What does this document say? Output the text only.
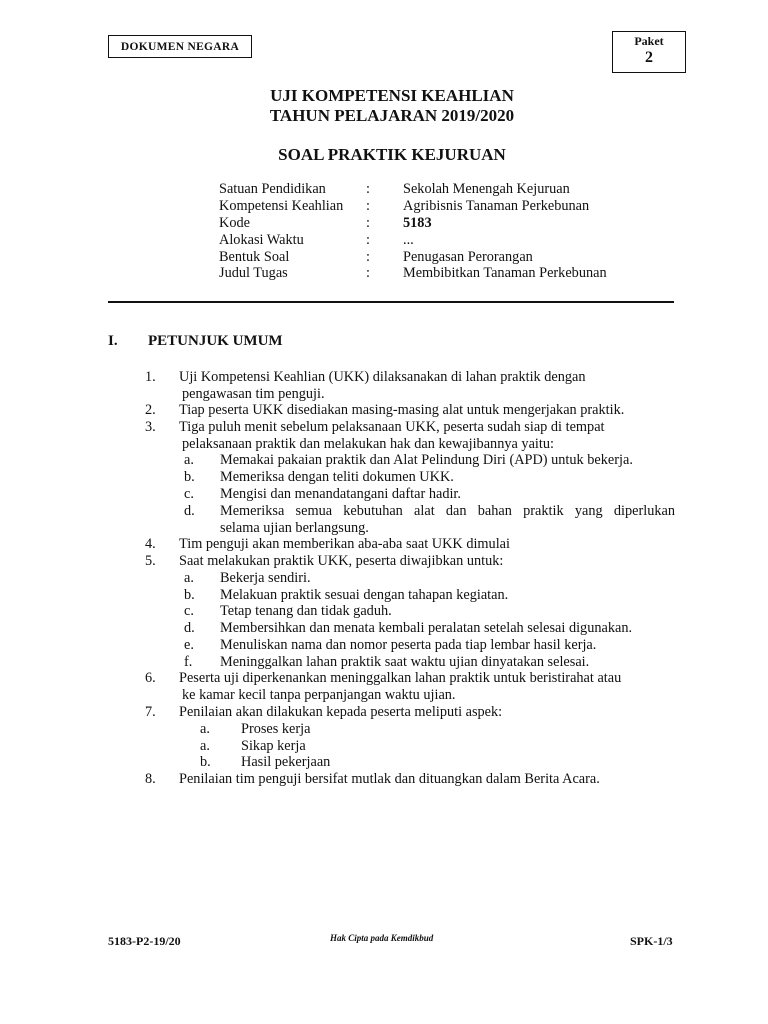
DOKUMEN NEGARA	Paket
2
UJI KOMPETENSI KEAHLIAN
TAHUN PELAJARAN 2019/2020
SOAL PRAKTIK KEJURUAN
Satuan Pendidikan	: Sekolah Menengah Kejuruan
Kompetensi Keahlian : Agribisnis Tanaman Perkebunan
Kode	: 5183
Alokasi Waktu	: ...
Bentuk Soal	: Penugasan Perorangan
Judul Tugas	: Membibitkan Tanaman Perkebunan
I. PETUNJUK UMUM
1. Uji Kompetensi Keahlian (UKK) dilaksanakan di lahan praktik dengan
pengawasan tim penguji.
2. Tiap peserta UKK disediakan masing-masing alat untuk mengerjakan praktik.
3. Tiga puluh menit sebelum pelaksanaan UKK, peserta sudah siap di tempat
pelaksanaan praktik dan melakukan hak dan kewajibannya yaitu:
a. Memakai pakaian praktik dan Alat Pelindung Diri (APD) untuk bekerja.
b. Memeriksa dengan teliti dokumen UKK.
c. Mengisi dan menandatangani daftar hadir.
d. Memeriksa semua kebutuhan alat dan bahan praktik yang diperlukan
selama ujian berlangsung.
4. Tim penguji akan memberikan aba-aba saat UKK dimulai
5. Saat melakukan praktik UKK, peserta diwajibkan untuk:
a. Bekerja sendiri.
b. Melakuan praktik sesuai dengan tahapan kegiatan.
c. Tetap tenang dan tidak gaduh.
d. Membersihkan dan menata kembali peralatan setelah selesai digunakan.
e. Menuliskan nama dan nomor peserta pada tiap lembar hasil kerja.
f. Meninggalkan lahan praktik saat waktu ujian dinyatakan selesai.
6. Peserta uji diperkenankan meninggalkan lahan praktik untuk beristirahat atau
ke kamar kecil tanpa perpanjangan waktu ujian.
7. Penilaian akan dilakukan kepada peserta meliputi aspek:
a. Proses kerja
a. Sikap kerja
b. Hasil pekerjaan
8. Penilaian tim penguji bersifat mutlak dan dituangkan dalam Berita Acara.
5183-P2-19/20	Hak Cipta pada Kemdikbud	SPK-1/3
